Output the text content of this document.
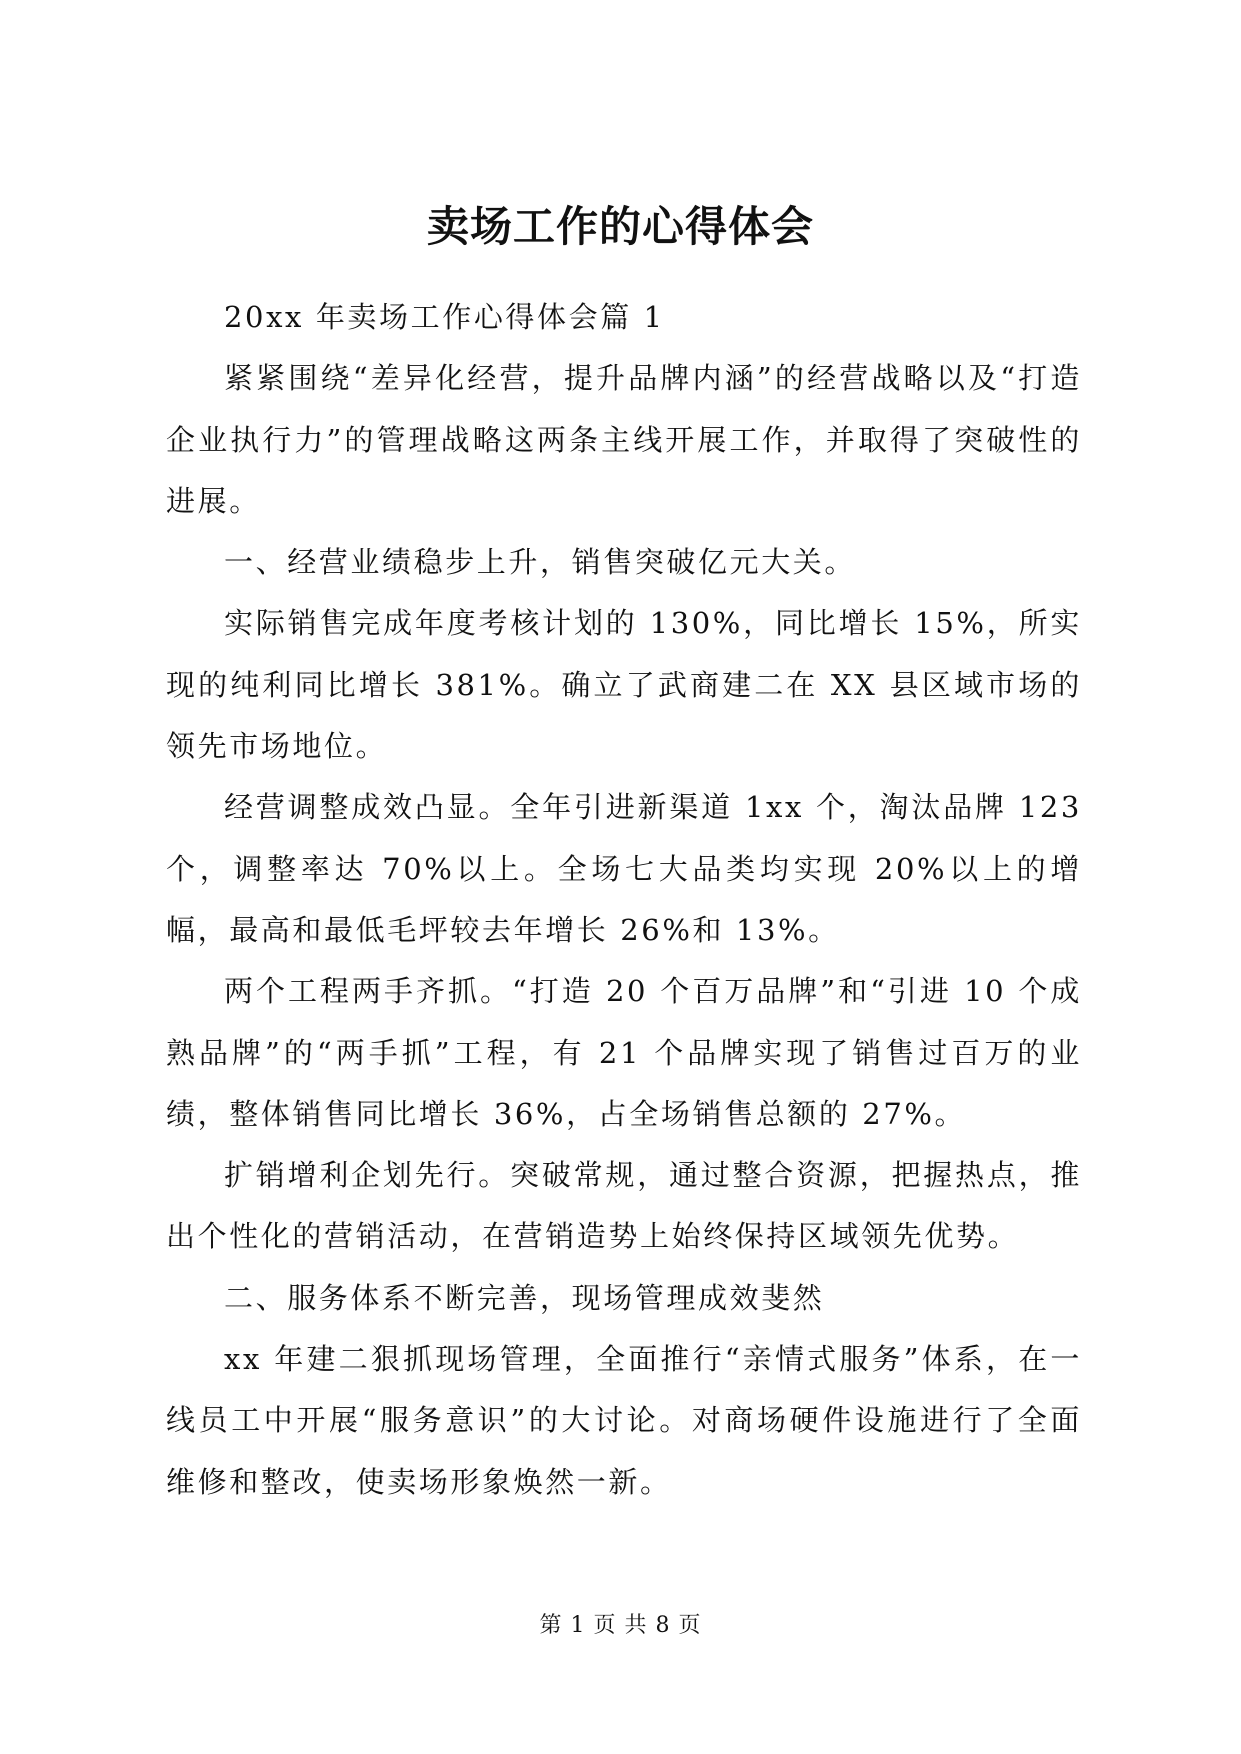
卖场工作的心得体会

20xx 年卖场工作心得体会篇 1

紧紧围绕“差异化经营，提升品牌内涵”的经营战略以及“打造企业执行力”的管理战略这两条主线开展工作，并取得了突破性的进展。

一、经营业绩稳步上升，销售突破亿元大关。

实际销售完成年度考核计划的 130%，同比增长 15%，所实现的纯利同比增长 381%。确立了武商建二在 XX 县区域市场的领先市场地位。

经营调整成效凸显。全年引进新渠道 1xx 个，淘汰品牌 123 个，调整率达 70%以上。全场七大品类均实现 20%以上的增幅，最高和最低毛坪较去年增长 26%和 13%。

两个工程两手齐抓。“打造 20 个百万品牌”和“引进 10 个成熟品牌”的“两手抓”工程，有 21 个品牌实现了销售过百万的业绩，整体销售同比增长 36%，占全场销售总额的 27%。

扩销增利企划先行。突破常规，通过整合资源，把握热点，推出个性化的营销活动，在营销造势上始终保持区域领先优势。

二、服务体系不断完善，现场管理成效斐然

xx 年建二狠抓现场管理，全面推行“亲情式服务”体系，在一线员工中开展“服务意识”的大讨论。对商场硬件设施进行了全面维修和整改，使卖场形象焕然一新。

第 1 页 共 8 页
